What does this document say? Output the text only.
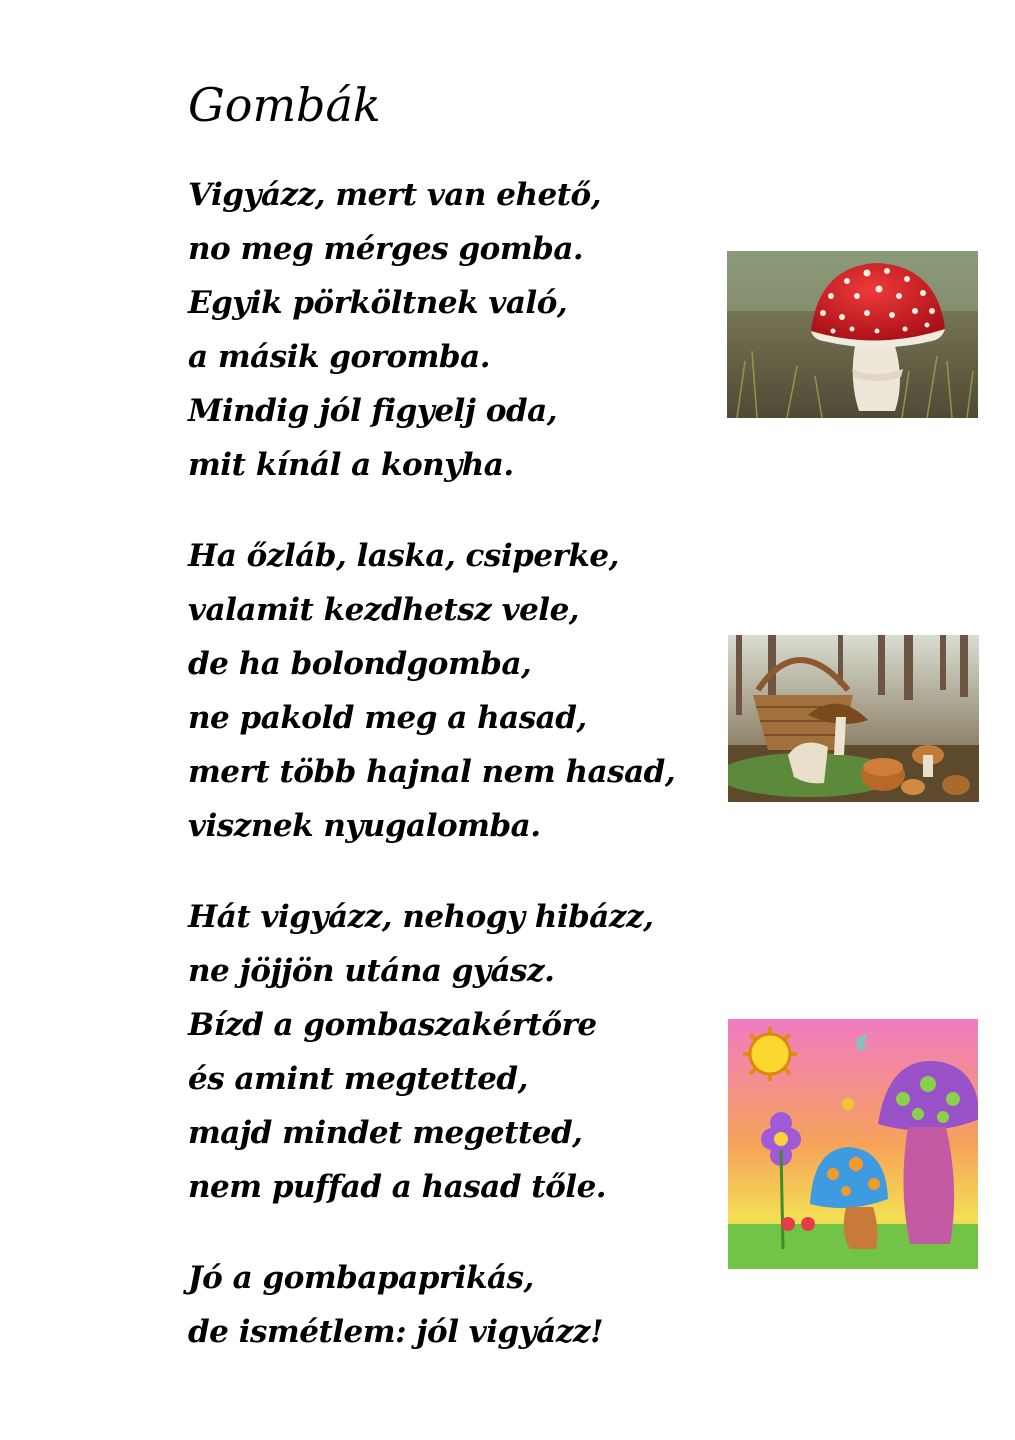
Gombák
Vigyázz, mert van ehető,
no meg mérges gomba.
Egyik pörköltnek való,
a másik goromba.
Mindig jól figyelj oda,
mit kínál a konyha.
Ha őzláb, laska, csiperke,
valamit kezdhetsz vele,
de ha bolondgomba,
ne pakold meg a hasad,
mert több hajnal nem hasad,
visznek nyugalomba.
Hát vigyázz, nehogy hibázz,
ne jöjjön utána gyász.
Bízd a gombaszakértőre
és amint megtetted,
majd mindet megetted,
nem puffad a hasad tőle.
Jó a gombapaprikás,
de ismétlem: jól vigyázz!
